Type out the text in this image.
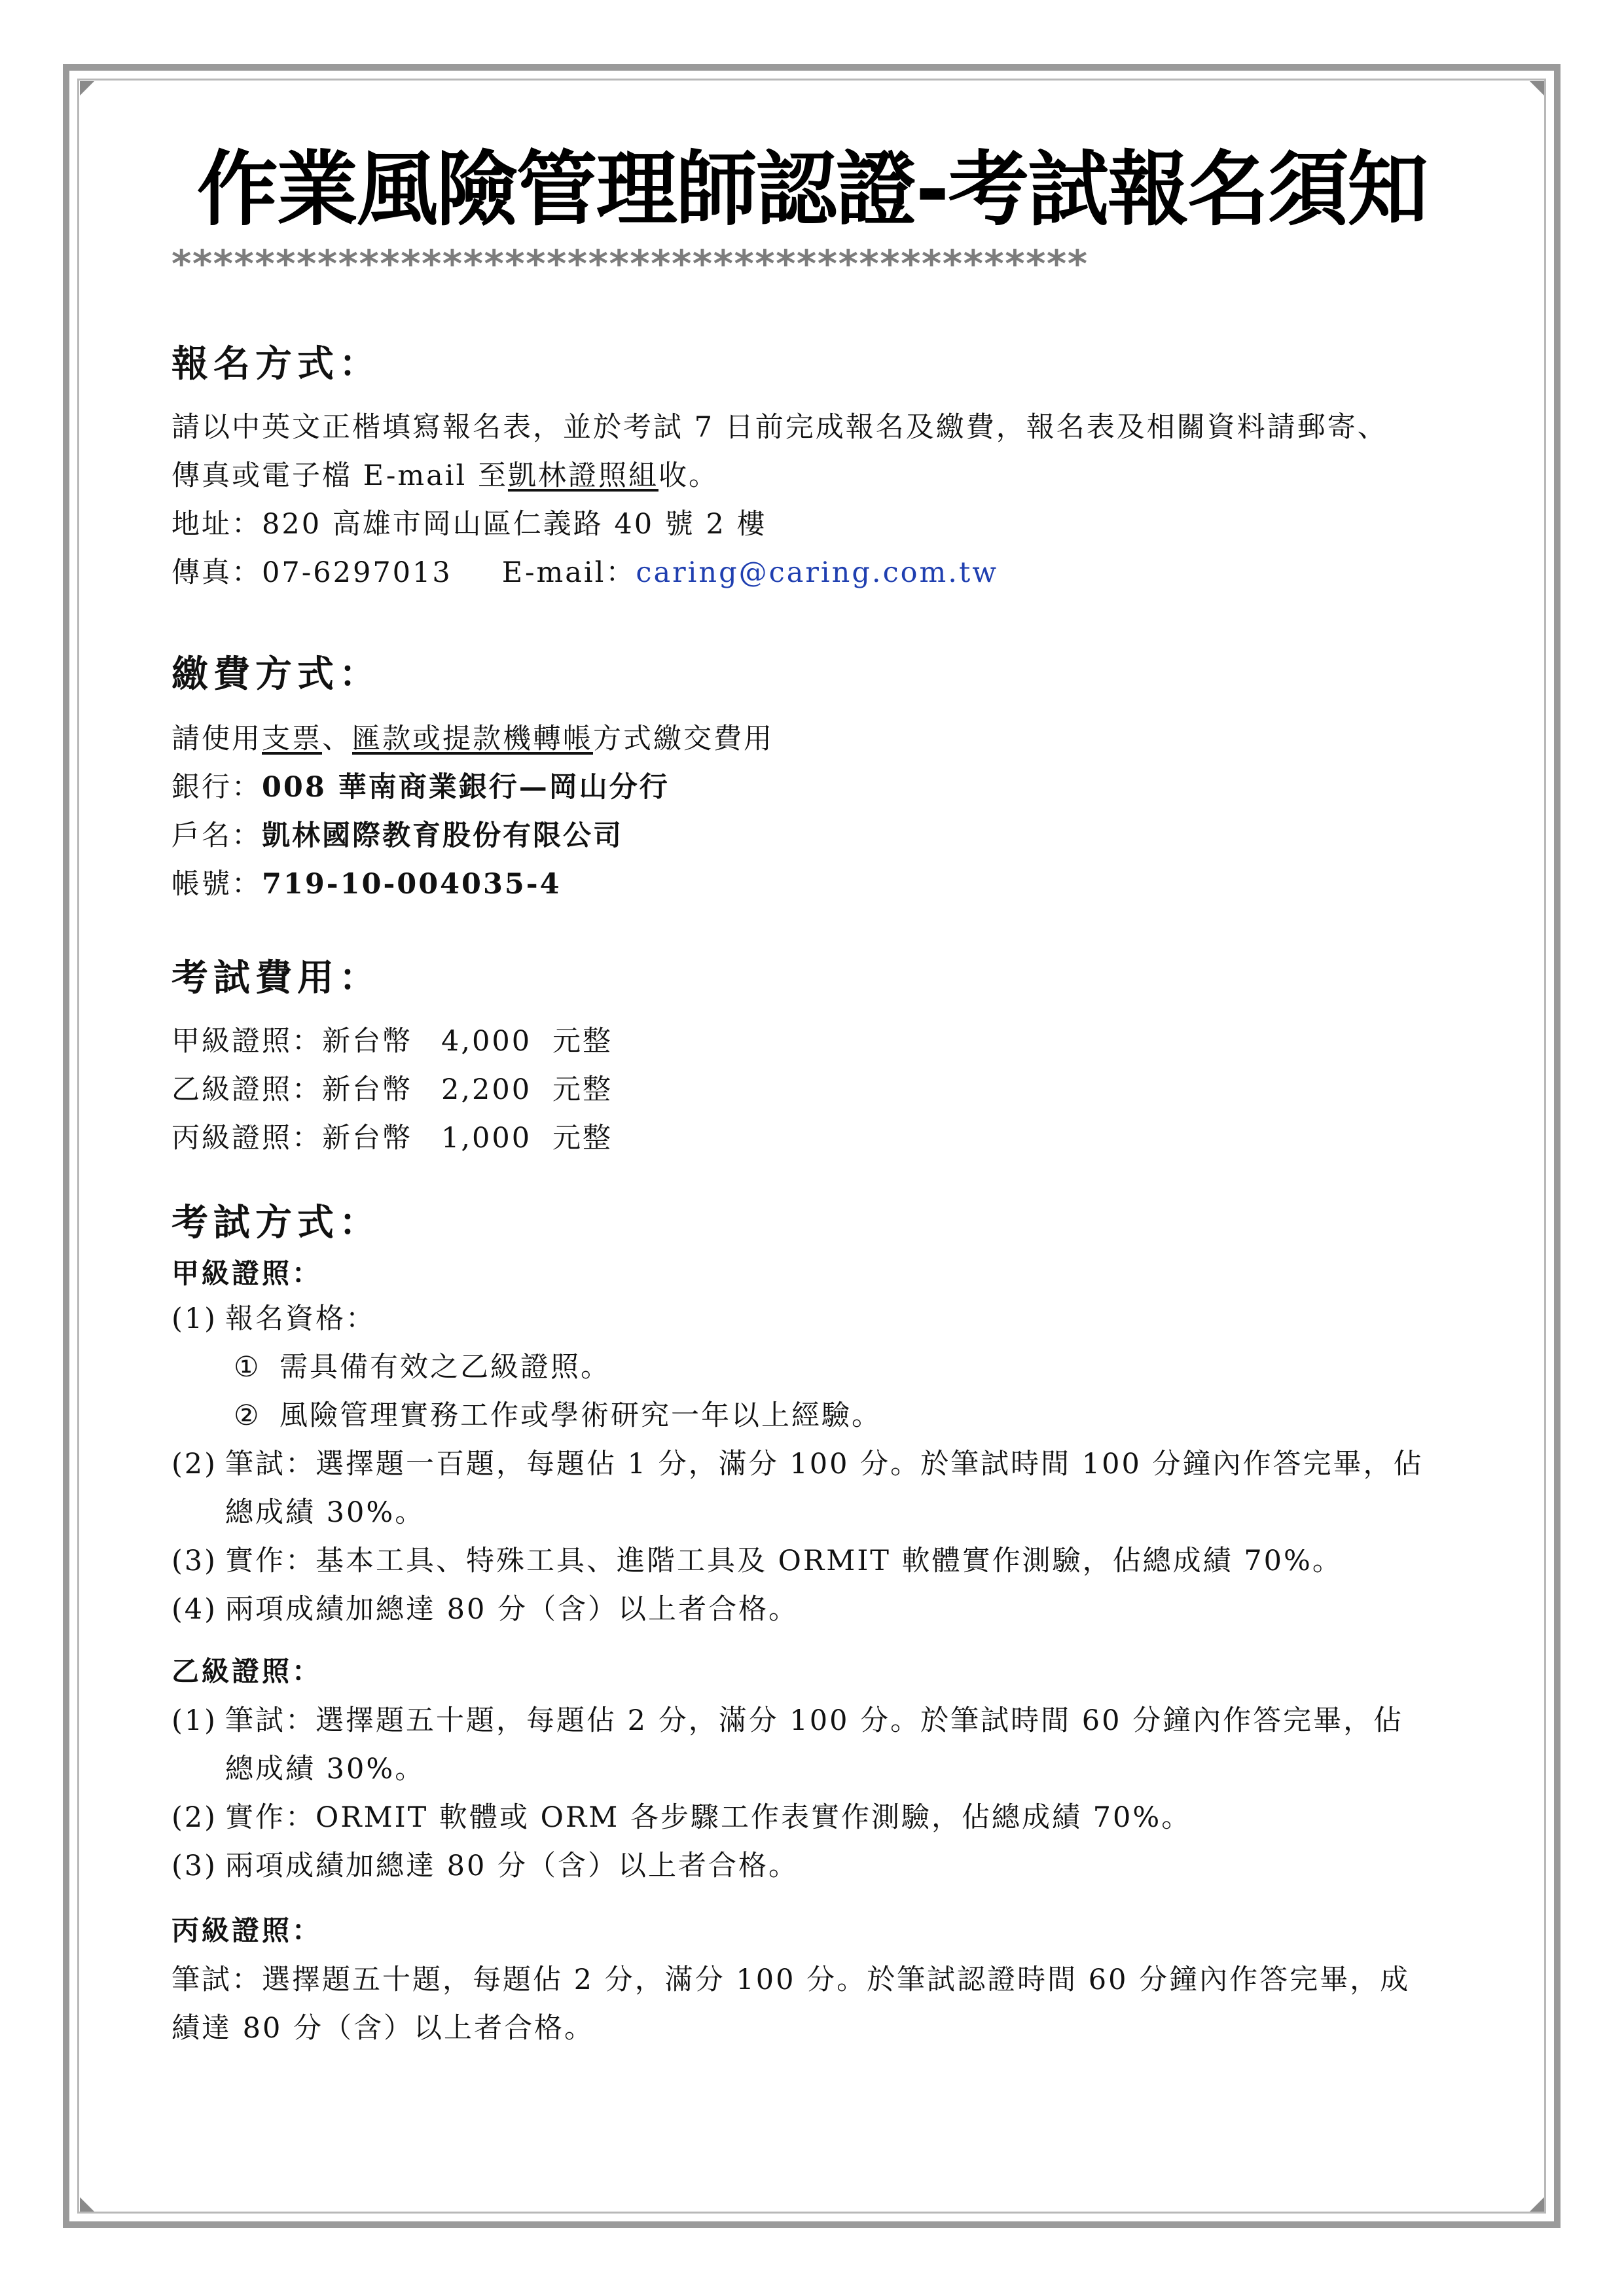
作業風險管理師認證-考試報名須知
********************************************
報名方式：
請以中英文正楷填寫報名表，並於考試 7 日前完成報名及繳費，報名表及相關資料請郵寄、
傳真或電子檔 E-mail 至凱林證照組收。
地址：820 高雄市岡山區仁義路 40 號 2 樓
傳真：07-6297013 E-mail：caring@caring.com.tw
繳費方式：
請使用支票、匯款或提款機轉帳方式繳交費用
銀行：008 華南商業銀行—岡山分行
戶名：凱林國際教育股份有限公司
帳號：719-10-004035-4
考試費用：
甲級證照：新台幣 4,000 元整
乙級證照：新台幣 2,200 元整
丙級證照：新台幣 1,000 元整
考試方式：
甲級證照：
(1) 報名資格：
① 需具備有效之乙級證照。
② 風險管理實務工作或學術研究一年以上經驗。
(2) 筆試：選擇題一百題，每題佔 1 分，滿分 100 分。於筆試時間 100 分鐘內作答完畢，佔
總成績 30%。
(3) 實作：基本工具、特殊工具、進階工具及 ORMIT 軟體實作測驗，佔總成績 70%。
(4) 兩項成績加總達 80 分（含）以上者合格。
乙級證照：
(1) 筆試：選擇題五十題，每題佔 2 分，滿分 100 分。於筆試時間 60 分鐘內作答完畢，佔
總成績 30%。
(2) 實作：ORMIT 軟體或 ORM 各步驟工作表實作測驗，佔總成績 70%。
(3) 兩項成績加總達 80 分（含）以上者合格。
丙級證照：
筆試：選擇題五十題，每題佔 2 分，滿分 100 分。於筆試認證時間 60 分鐘內作答完畢，成
績達 80 分（含）以上者合格。
